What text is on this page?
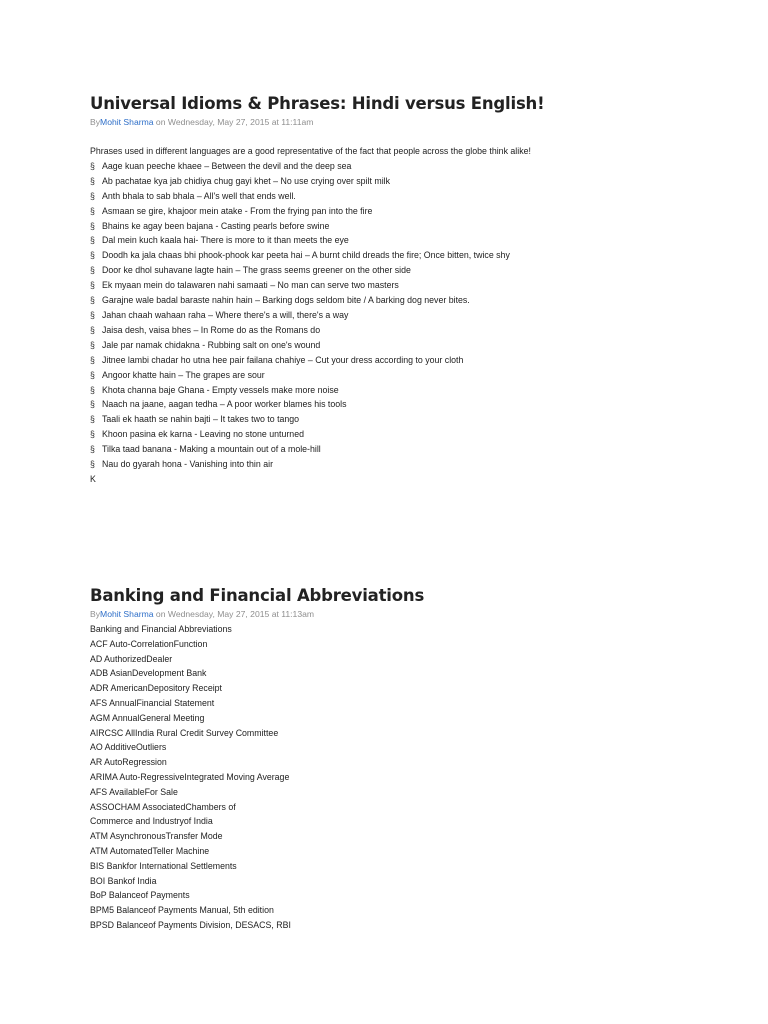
Universal Idioms & Phrases: Hindi versus English!
ByMohit Sharma on Wednesday, May 27, 2015 at 11:11am
Phrases used in different languages are a good representative of the fact that people across the globe think alike!
§ Aage kuan peeche khaee – Between the devil and the deep sea
§ Ab pachatae kya jab chidiya chug gayi khet – No use crying over spilt milk
§ Anth bhala to sab bhala – All's well that ends well.
§ Asmaan se gire, khajoor mein atake - From the frying pan into the fire
§ Bhains ke agay been bajana - Casting pearls before swine
§ Dal mein kuch kaala hai- There is more to it than meets the eye
§ Doodh ka jala chaas bhi phook-phook kar peeta hai – A burnt child dreads the fire; Once bitten, twice shy
§ Door ke dhol suhavane lagte hain – The grass seems greener on the other side
§ Ek myaan mein do talawaren nahi samaati – No man can serve two masters
§ Garajne wale badal baraste nahin hain – Barking dogs seldom bite / A barking dog never bites.
§ Jahan chaah wahaan raha – Where there's a will, there's a way
§ Jaisa desh, vaisa bhes – In Rome do as the Romans do
§ Jale par namak chidakna - Rubbing salt on one's wound
§ Jitnee lambi chadar ho utna hee pair failana chahiye – Cut your dress according to your cloth
§ Angoor khatte hain – The grapes are sour
§ Khota channa baje Ghana - Empty vessels make more noise
§ Naach na jaane, aagan tedha – A poor worker blames his tools
§ Taali ek haath se nahin bajti – It takes two to tango
§ Khoon pasina ek karna - Leaving no stone unturned
§ Tilka taad banana - Making a mountain out of a mole-hill
§ Nau do gyarah hona - Vanishing into thin air
K
Banking and Financial Abbreviations
ByMohit Sharma on Wednesday, May 27, 2015 at 11:13am
Banking and Financial Abbreviations
ACF Auto-CorrelationFunction
AD AuthorizedDealer
ADB AsianDevelopment Bank
ADR AmericanDepository Receipt
AFS AnnualFinancial Statement
AGM AnnualGeneral Meeting
AIRCSC AllIndia Rural Credit Survey Committee
AO AdditiveOutliers
AR AutoRegression
ARIMA Auto-RegressiveIntegrated Moving Average
AFS AvailableFor Sale
ASSOCHAM AssociatedChambers of
Commerce and Industryof India
ATM AsynchronousTransfer Mode
ATM AutomatedTeller Machine
BIS Bankfor International Settlements
BOI Bankof India
BoP Balanceof Payments
BPM5 Balanceof Payments Manual, 5th edition
BPSD Balanceof Payments Division, DESACS, RBI
